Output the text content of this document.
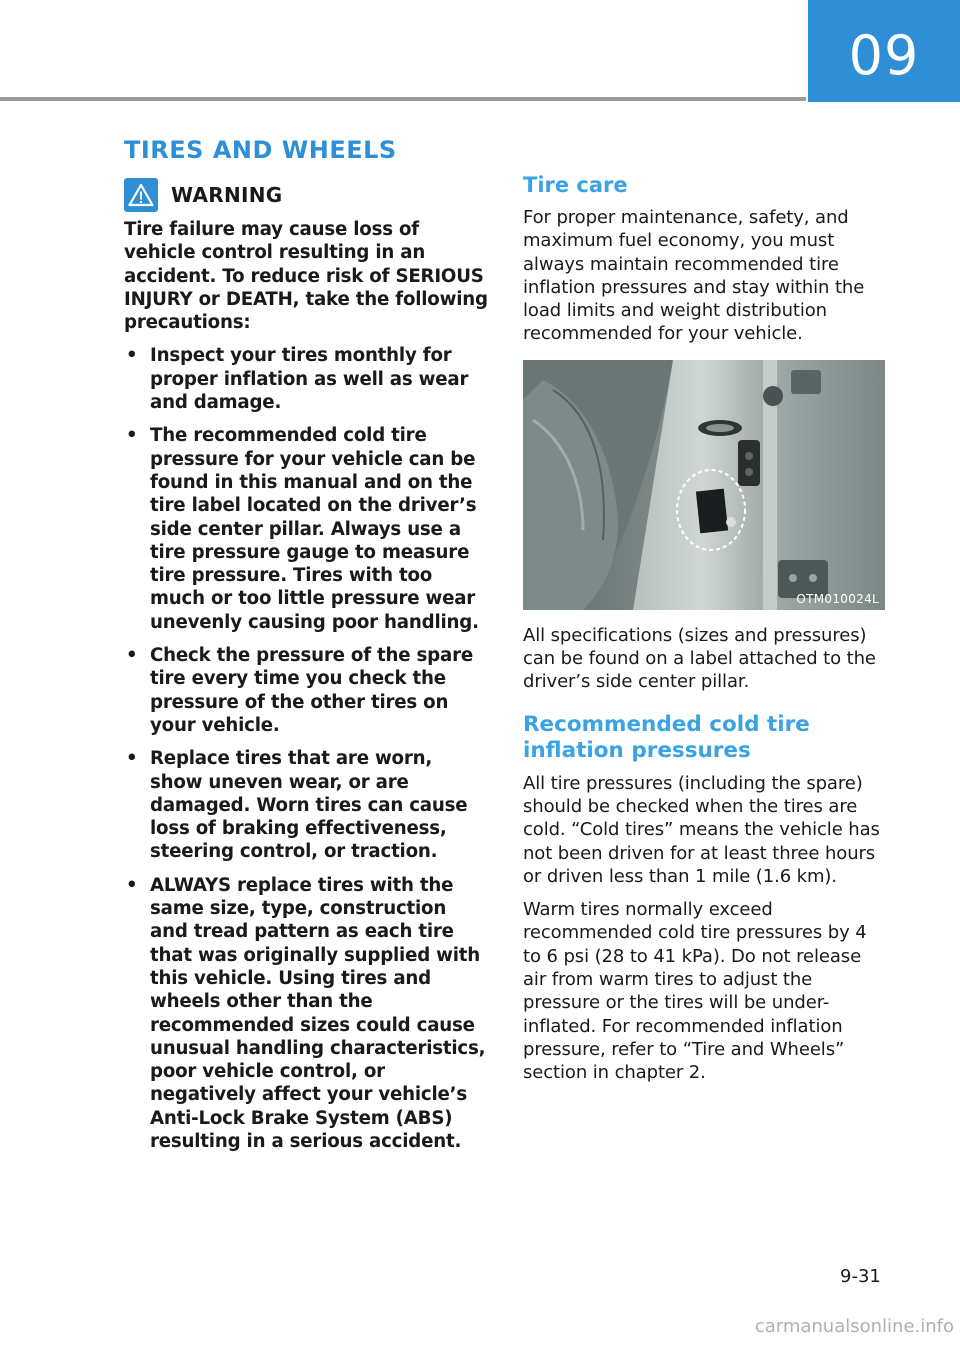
09
TIRES AND WHEELS
WARNING

Tire failure may cause loss of vehicle control resulting in an accident. To reduce risk of SERIOUS INJURY or DEATH, take the following precautions:

• Inspect your tires monthly for proper inflation as well as wear and damage.
• The recommended cold tire pressure for your vehicle can be found in this manual and on the tire label located on the driver’s side center pillar. Always use a tire pressure gauge to measure tire pressure. Tires with too much or too little pressure wear unevenly causing poor handling.
• Check the pressure of the spare tire every time you check the pressure of the other tires on your vehicle.
• Replace tires that are worn, show uneven wear, or are damaged. Worn tires can cause loss of braking effectiveness, steering control, or traction.
• ALWAYS replace tires with the same size, type, construction and tread pattern as each tire that was originally supplied with this vehicle. Using tires and wheels other than the recommended sizes could cause unusual handling characteristics, poor vehicle control, or negatively affect your vehicle’s Anti-Lock Brake System (ABS) resulting in a serious accident.
Tire care

For proper maintenance, safety, and maximum fuel economy, you must always maintain recommended tire inflation pressures and stay within the load limits and weight distribution recommended for your vehicle.

OTM010024L

All specifications (sizes and pressures) can be found on a label attached to the driver’s side center pillar.

Recommended cold tire inflation pressures

All tire pressures (including the spare) should be checked when the tires are cold. “Cold tires” means the vehicle has not been driven for at least three hours or driven less than 1 mile (1.6 km).

Warm tires normally exceed recommended cold tire pressures by 4 to 6 psi (28 to 41 kPa). Do not release air from warm tires to adjust the pressure or the tires will be under-inflated. For recommended inflation pressure, refer to “Tire and Wheels” section in chapter 2.

9-31
carmanualsonline.info
